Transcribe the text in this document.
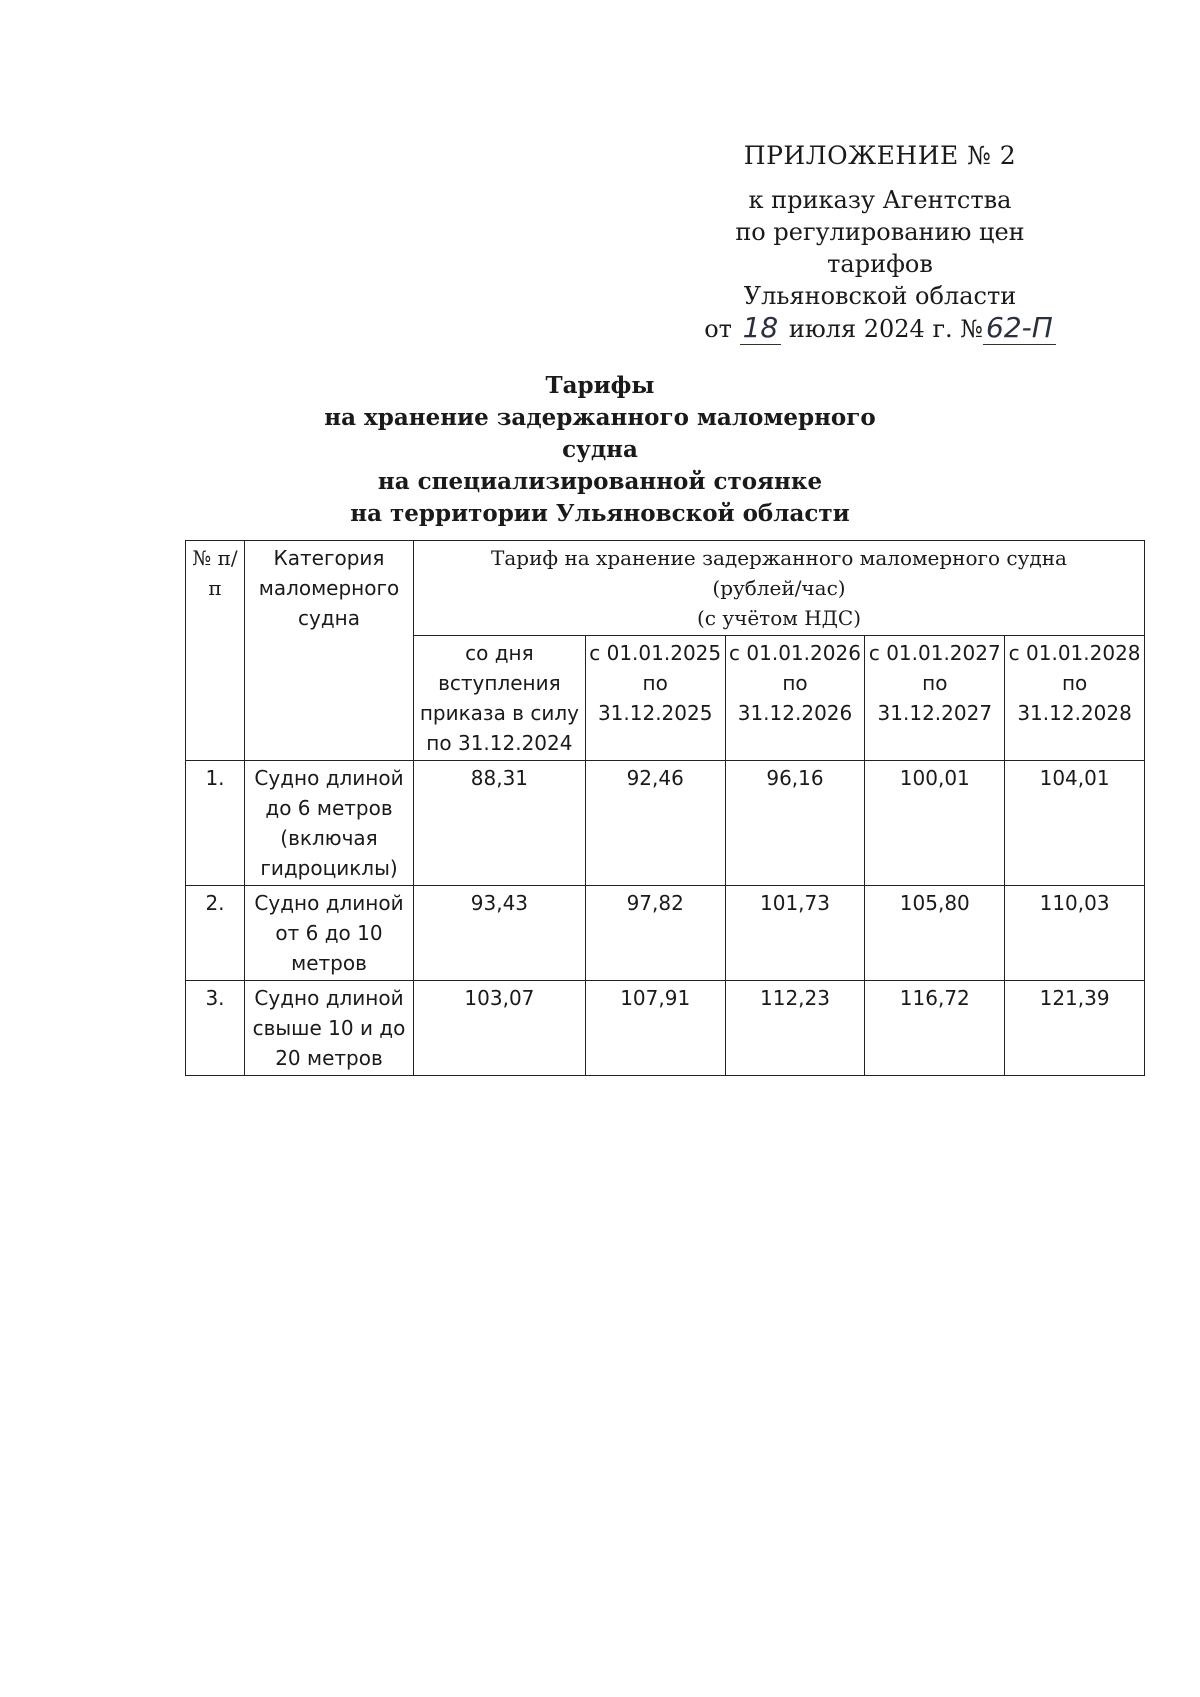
ПРИЛОЖЕНИЕ № 2
к приказу Агентства
по регулированию цен тарифов
Ульяновской области
от 18 июля 2024 г. № 62-П
Тарифы
на хранение задержанного маломерного судна
на специализированной стоянке
на территории Ульяновской области
№ п/п	Категория маломерного судна	Тариф на хранение задержанного маломерного судна
(рублей/час)
(с учётом НДС)				

		со дня вступления приказа в силу по 31.12.2024	с 01.01.2025 по 31.12.2025	с 01.01.2026 по 31.12.2026	с 01.01.2027 по 31.12.2027	с 01.01.2028 по 31.12.2028
1.	Судно длиной до 6 метров (включая гидроциклы)	88,31	92,46	96,16	100,01	104,01
2.	Судно длиной от 6 до 10 метров	93,43	97,82	101,73	105,80	110,03
3.	Судно длиной свыше 10 и до 20 метров	103,07	107,91	112,23	116,72	121,39
